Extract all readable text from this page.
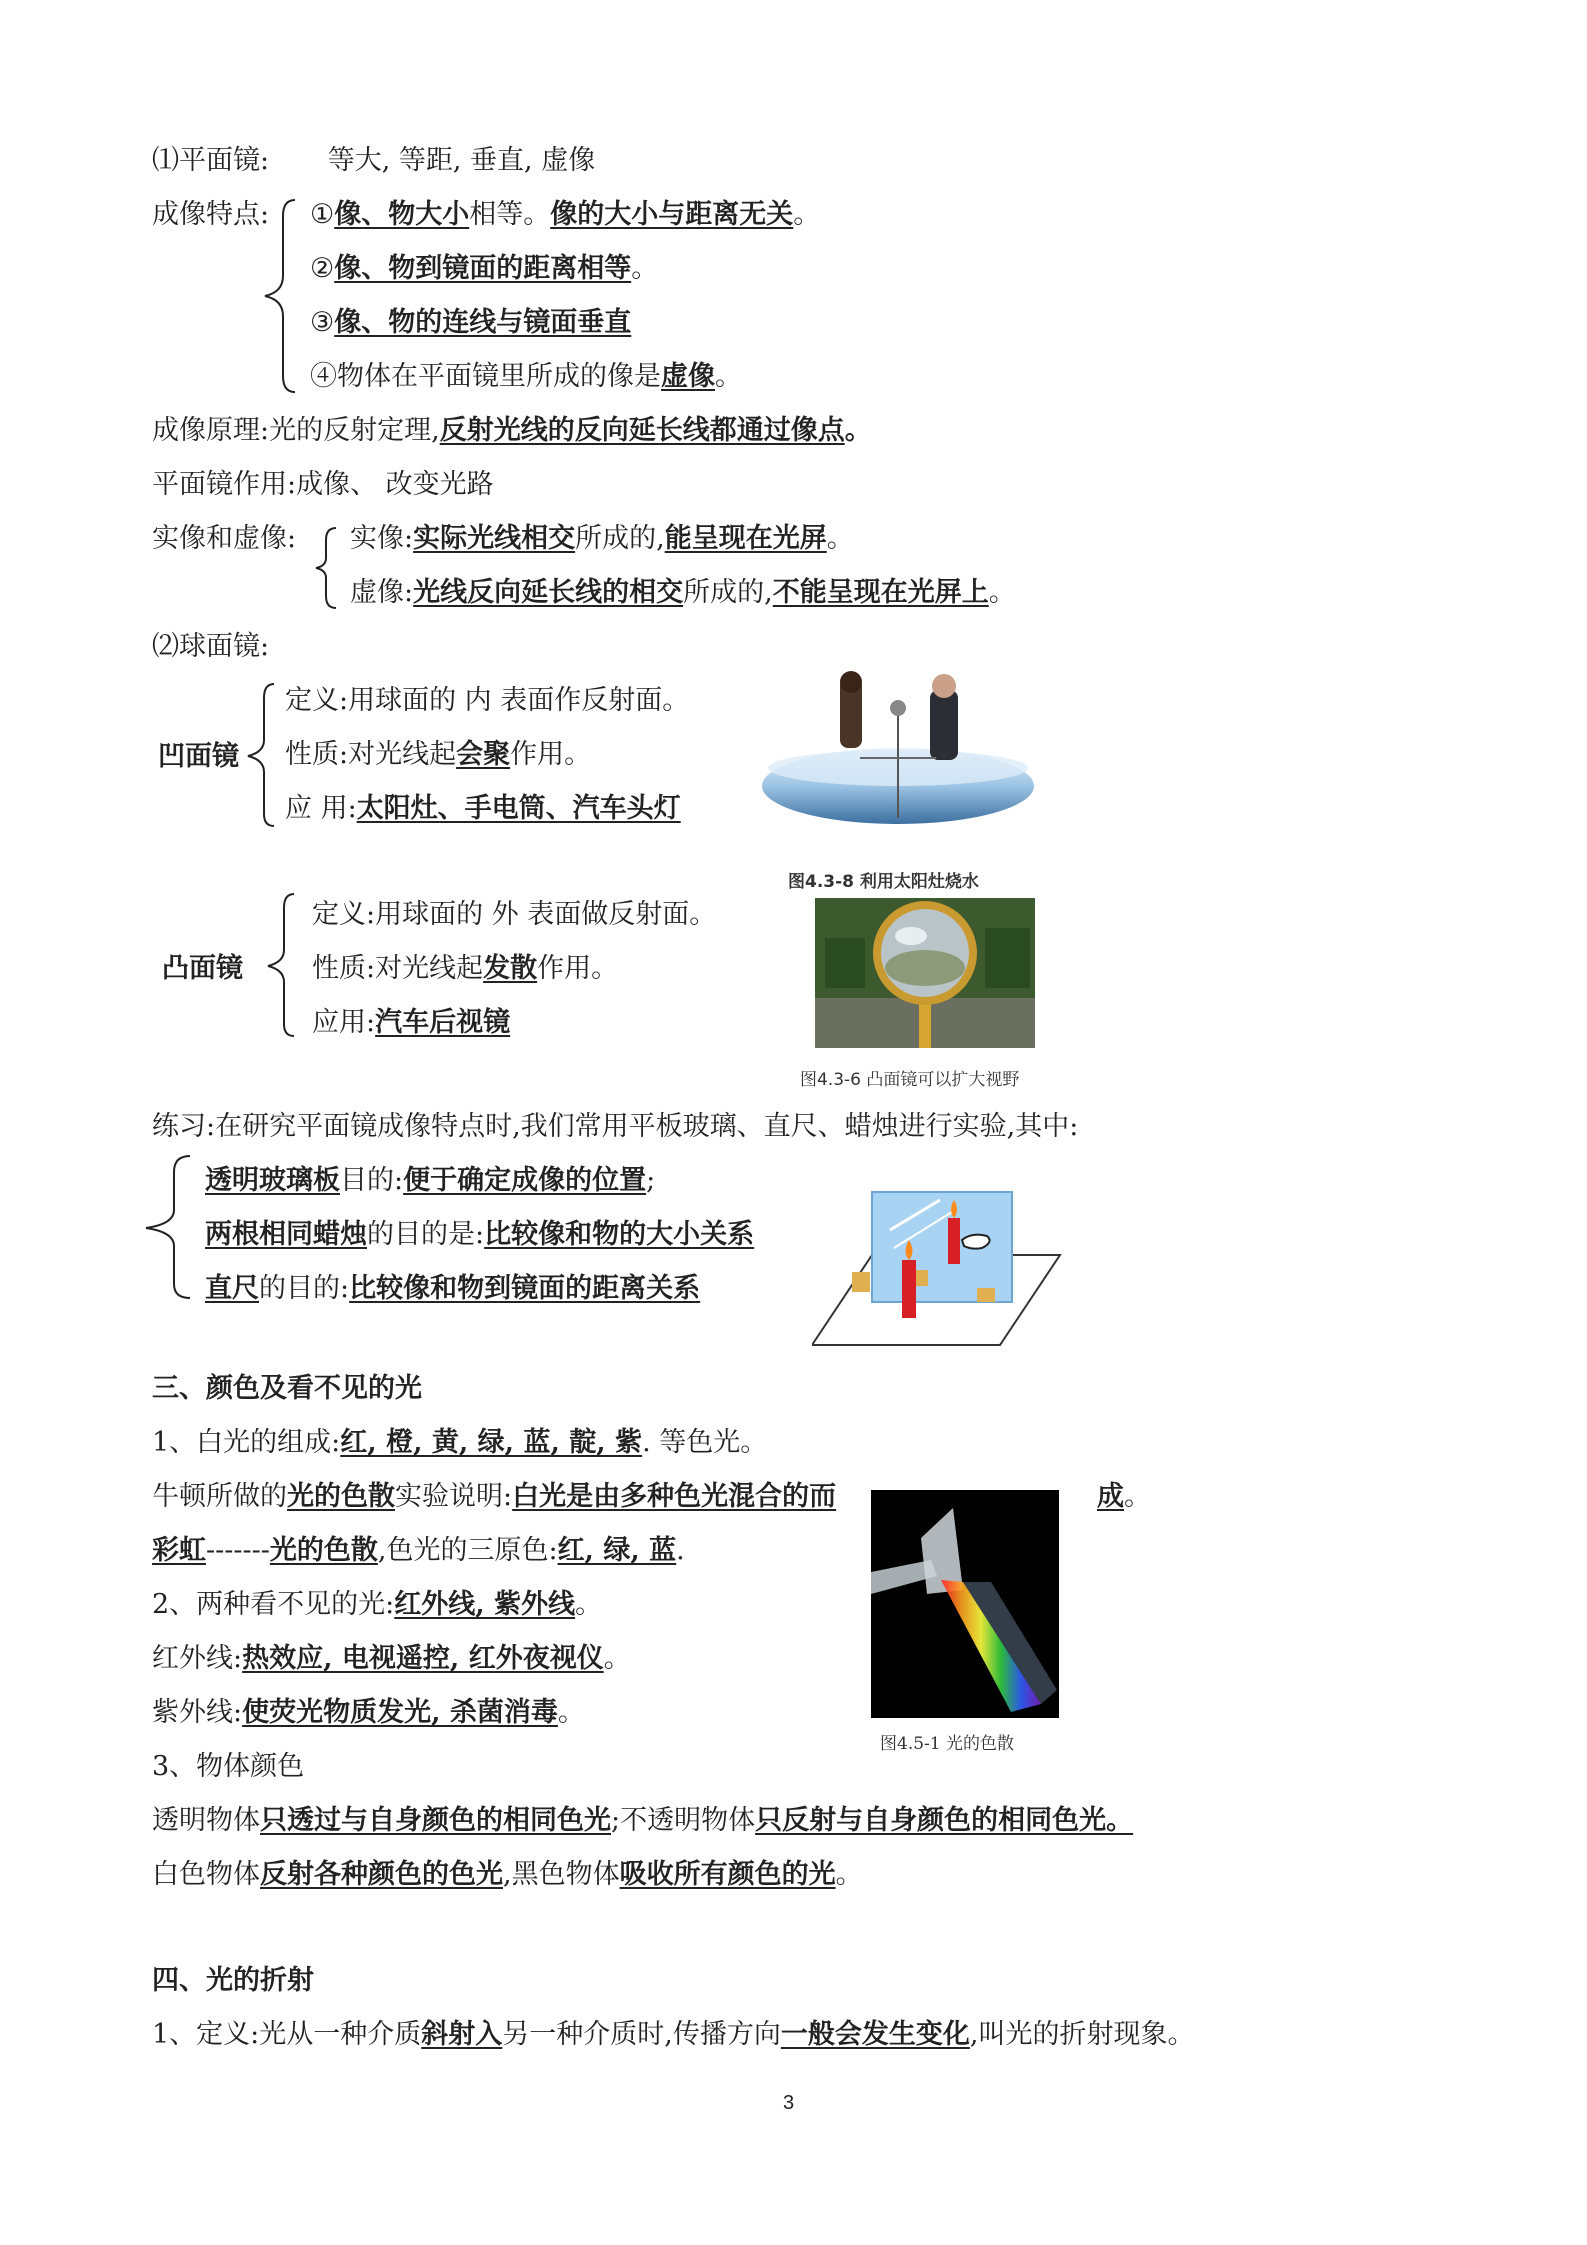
⑴平面镜: 等大, 等距, 垂直, 虚像
成像特点: ①像、物大小相等。像的大小与距离无关。
②像、物到镜面的距离相等。
③像、物的连线与镜面垂直
④物体在平面镜里所成的像是虚像。
成像原理:光的反射定理,反射光线的反向延长线都通过像点。
平面镜作用:成像、 改变光路
实像和虚像: 实像:实际光线相交所成的,能呈现在光屏。
虚像:光线反向延长线的相交所成的,不能呈现在光屏上。
⑵球面镜:
凹面镜
定义:用球面的 内 表面作反射面。
性质:对光线起会聚作用。
应 用:太阳灶、手电筒、汽车头灯
图4.3-8 利用太阳灶烧水
凸面镜
定义:用球面的 外 表面做反射面。
性质:对光线起发散作用。
应用:汽车后视镜
图4.3-6 凸面镜可以扩大视野
练习:在研究平面镜成像特点时,我们常用平板玻璃、直尺、蜡烛进行实验,其中:
透明玻璃板目的:便于确定成像的位置;
两根相同蜡烛的目的是:比较像和物的大小关系
直尺的目的:比较像和物到镜面的距离关系
三、颜色及看不见的光
1、白光的组成:红, 橙, 黄, 绿, 蓝, 靛, 紫. 等色光。
牛顿所做的光的色散实验说明:白光是由多种色光混合的而	成。
彩虹-------光的色散,色光的三原色:红, 绿, 蓝.
2、两种看不见的光:红外线, 紫外线。
红外线:热效应, 电视遥控, 红外夜视仪。
紫外线:使荧光物质发光, 杀菌消毒。
图4.5-1 光的色散
3、物体颜色
透明物体只透过与自身颜色的相同色光;不透明物体只反射与自身颜色的相同色光。
白色物体反射各种颜色的色光,黑色物体吸收所有颜色的光。
四、光的折射
1、定义:光从一种介质斜射入另一种介质时,传播方向一般会发生变化,叫光的折射现象。
3
